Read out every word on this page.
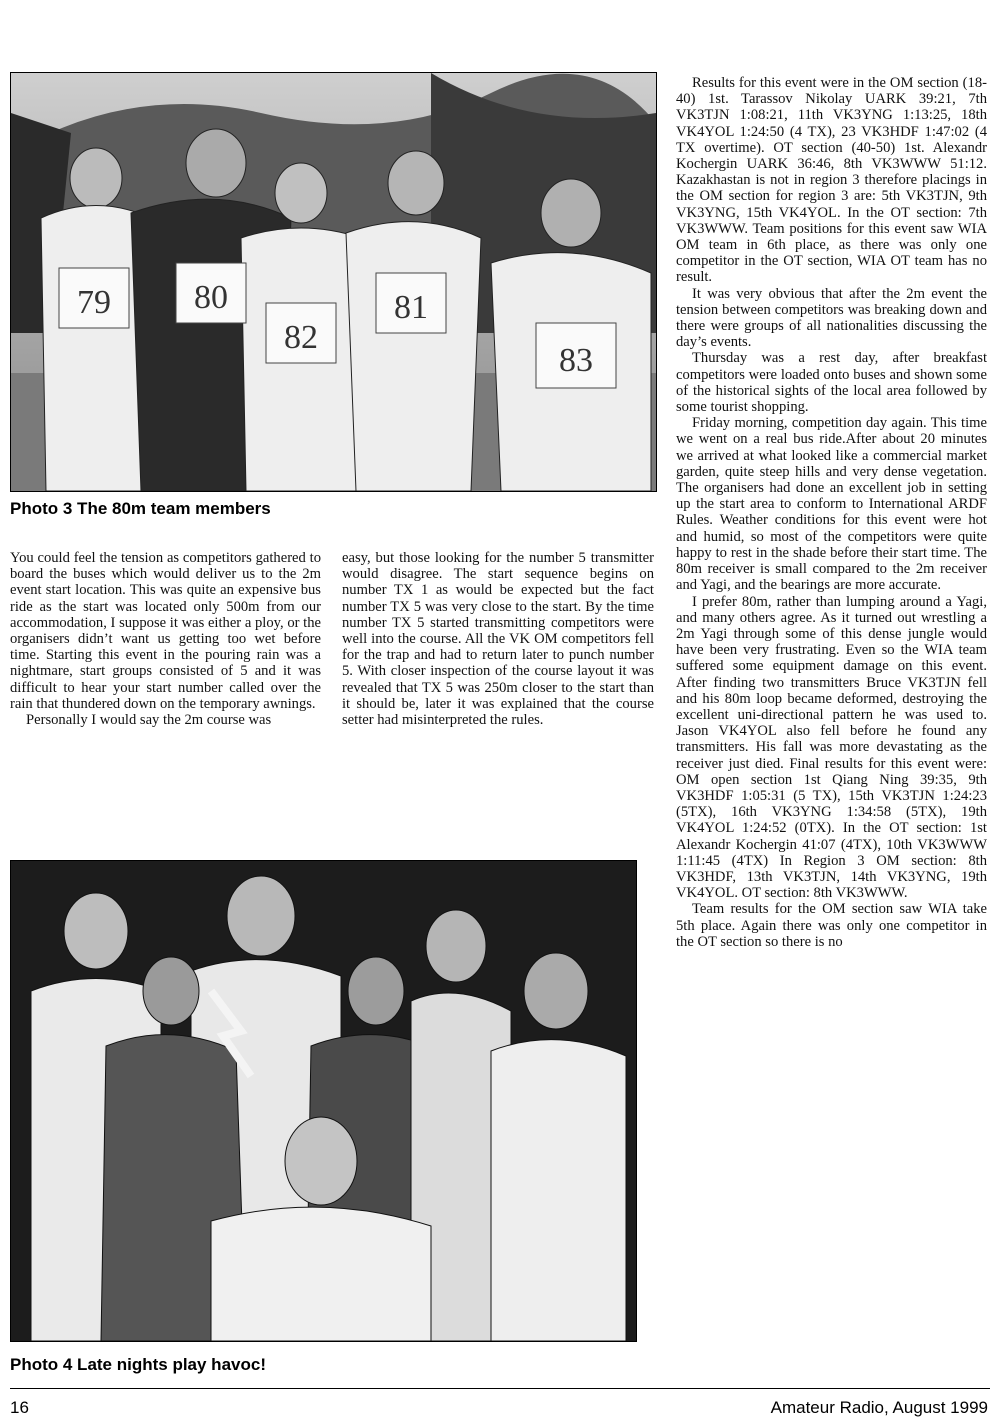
79 80
82
81
83
Photo 3 The 80m team members

You could feel the tension as competitors gathered to board the buses which would deliver us to the 2m event start location. This was quite an expensive bus ride as the start was located only 500m from our accommodation, I suppose it was either a ploy, or the organisers didn’t want us getting too wet before time. Starting this event in the pouring rain was a nightmare, start groups consisted of 5 and it was difficult to hear your start number called over the rain that thundered down on the temporary awnings.

Personally I would say the 2m course was

easy, but those looking for the number 5 transmitter would disagree. The start sequence begins on number TX 1 as would be expected but the fact number TX 5 was very close to the start. By the time number TX 5 started transmitting competitors were well into the course. All the VK OM competitors fell for the trap and had to return later to punch number 5. With closer inspection of the course layout it was revealed that TX 5 was 250m closer to the start than it should be, later it was explained that the course setter had misinterpreted the rules.

Photo 4 Late nights play havoc!

Results for this event were in the OM section (18-40) 1st. Tarassov Nikolay UARK 39:21, 7th VK3TJN 1:08:21, 11th VK3YNG 1:13:25, 18th VK4YOL 1:24:50 (4 TX), 23 VK3HDF 1:47:02 (4 TX overtime). OT section (40-50) 1st. Alexandr Kochergin UARK 36:46, 8th VK3WWW 51:12. Kazakhastan is not in region 3 therefore placings in the OM section for region 3 are: 5th VK3TJN, 9th VK3YNG, 15th VK4YOL. In the OT section: 7th VK3WWW. Team positions for this event saw WIA OM team in 6th place, as there was only one competitor in the OT section, WIA OT team has no result.

It was very obvious that after the 2m event the tension between competitors was breaking down and there were groups of all nationalities discussing the day’s events.

Thursday was a rest day, after breakfast competitors were loaded onto buses and shown some of the historical sights of the local area followed by some tourist shopping.

Friday morning, competition day again. This time we went on a real bus ride.After about 20 minutes we arrived at what looked like a commercial market garden, quite steep hills and very dense vegetation. The organisers had done an excellent job in setting up the start area to conform to International ARDF Rules. Weather conditions for this event were hot and humid, so most of the competitors were quite happy to rest in the shade before their start time. The 80m receiver is small compared to the 2m receiver and Yagi, and the bearings are more accurate.

I prefer 80m, rather than lumping around a Yagi, and many others agree. As it turned out wrestling a 2m Yagi through some of this dense jungle would have been very frustrating. Even so the WIA team suffered some equipment damage on this event. After finding two transmitters Bruce VK3TJN fell and his 80m loop became deformed, destroying the excellent uni-directional pattern he was used to. Jason VK4YOL also fell before he found any transmitters. His fall was more devastating as the receiver just died. Final results for this event were: OM open section 1st Qiang Ning 39:35, 9th VK3HDF 1:05:31 (5 TX), 15th VK3TJN 1:24:23 (5TX), 16th VK3YNG 1:34:58 (5TX), 19th VK4YOL 1:24:52 (0TX). In the OT section: 1st Alexandr Kochergin 41:07 (4TX), 10th VK3WWW 1:11:45 (4TX) In Region 3 OM section: 8th VK3HDF, 13th VK3TJN, 14th VK3YNG, 19th VK4YOL. OT section: 8th VK3WWW.

Team results for the OM section saw WIA take 5th place. Again there was only one competitor in the OT section so there is no

16	Amateur Radio, August 1999
